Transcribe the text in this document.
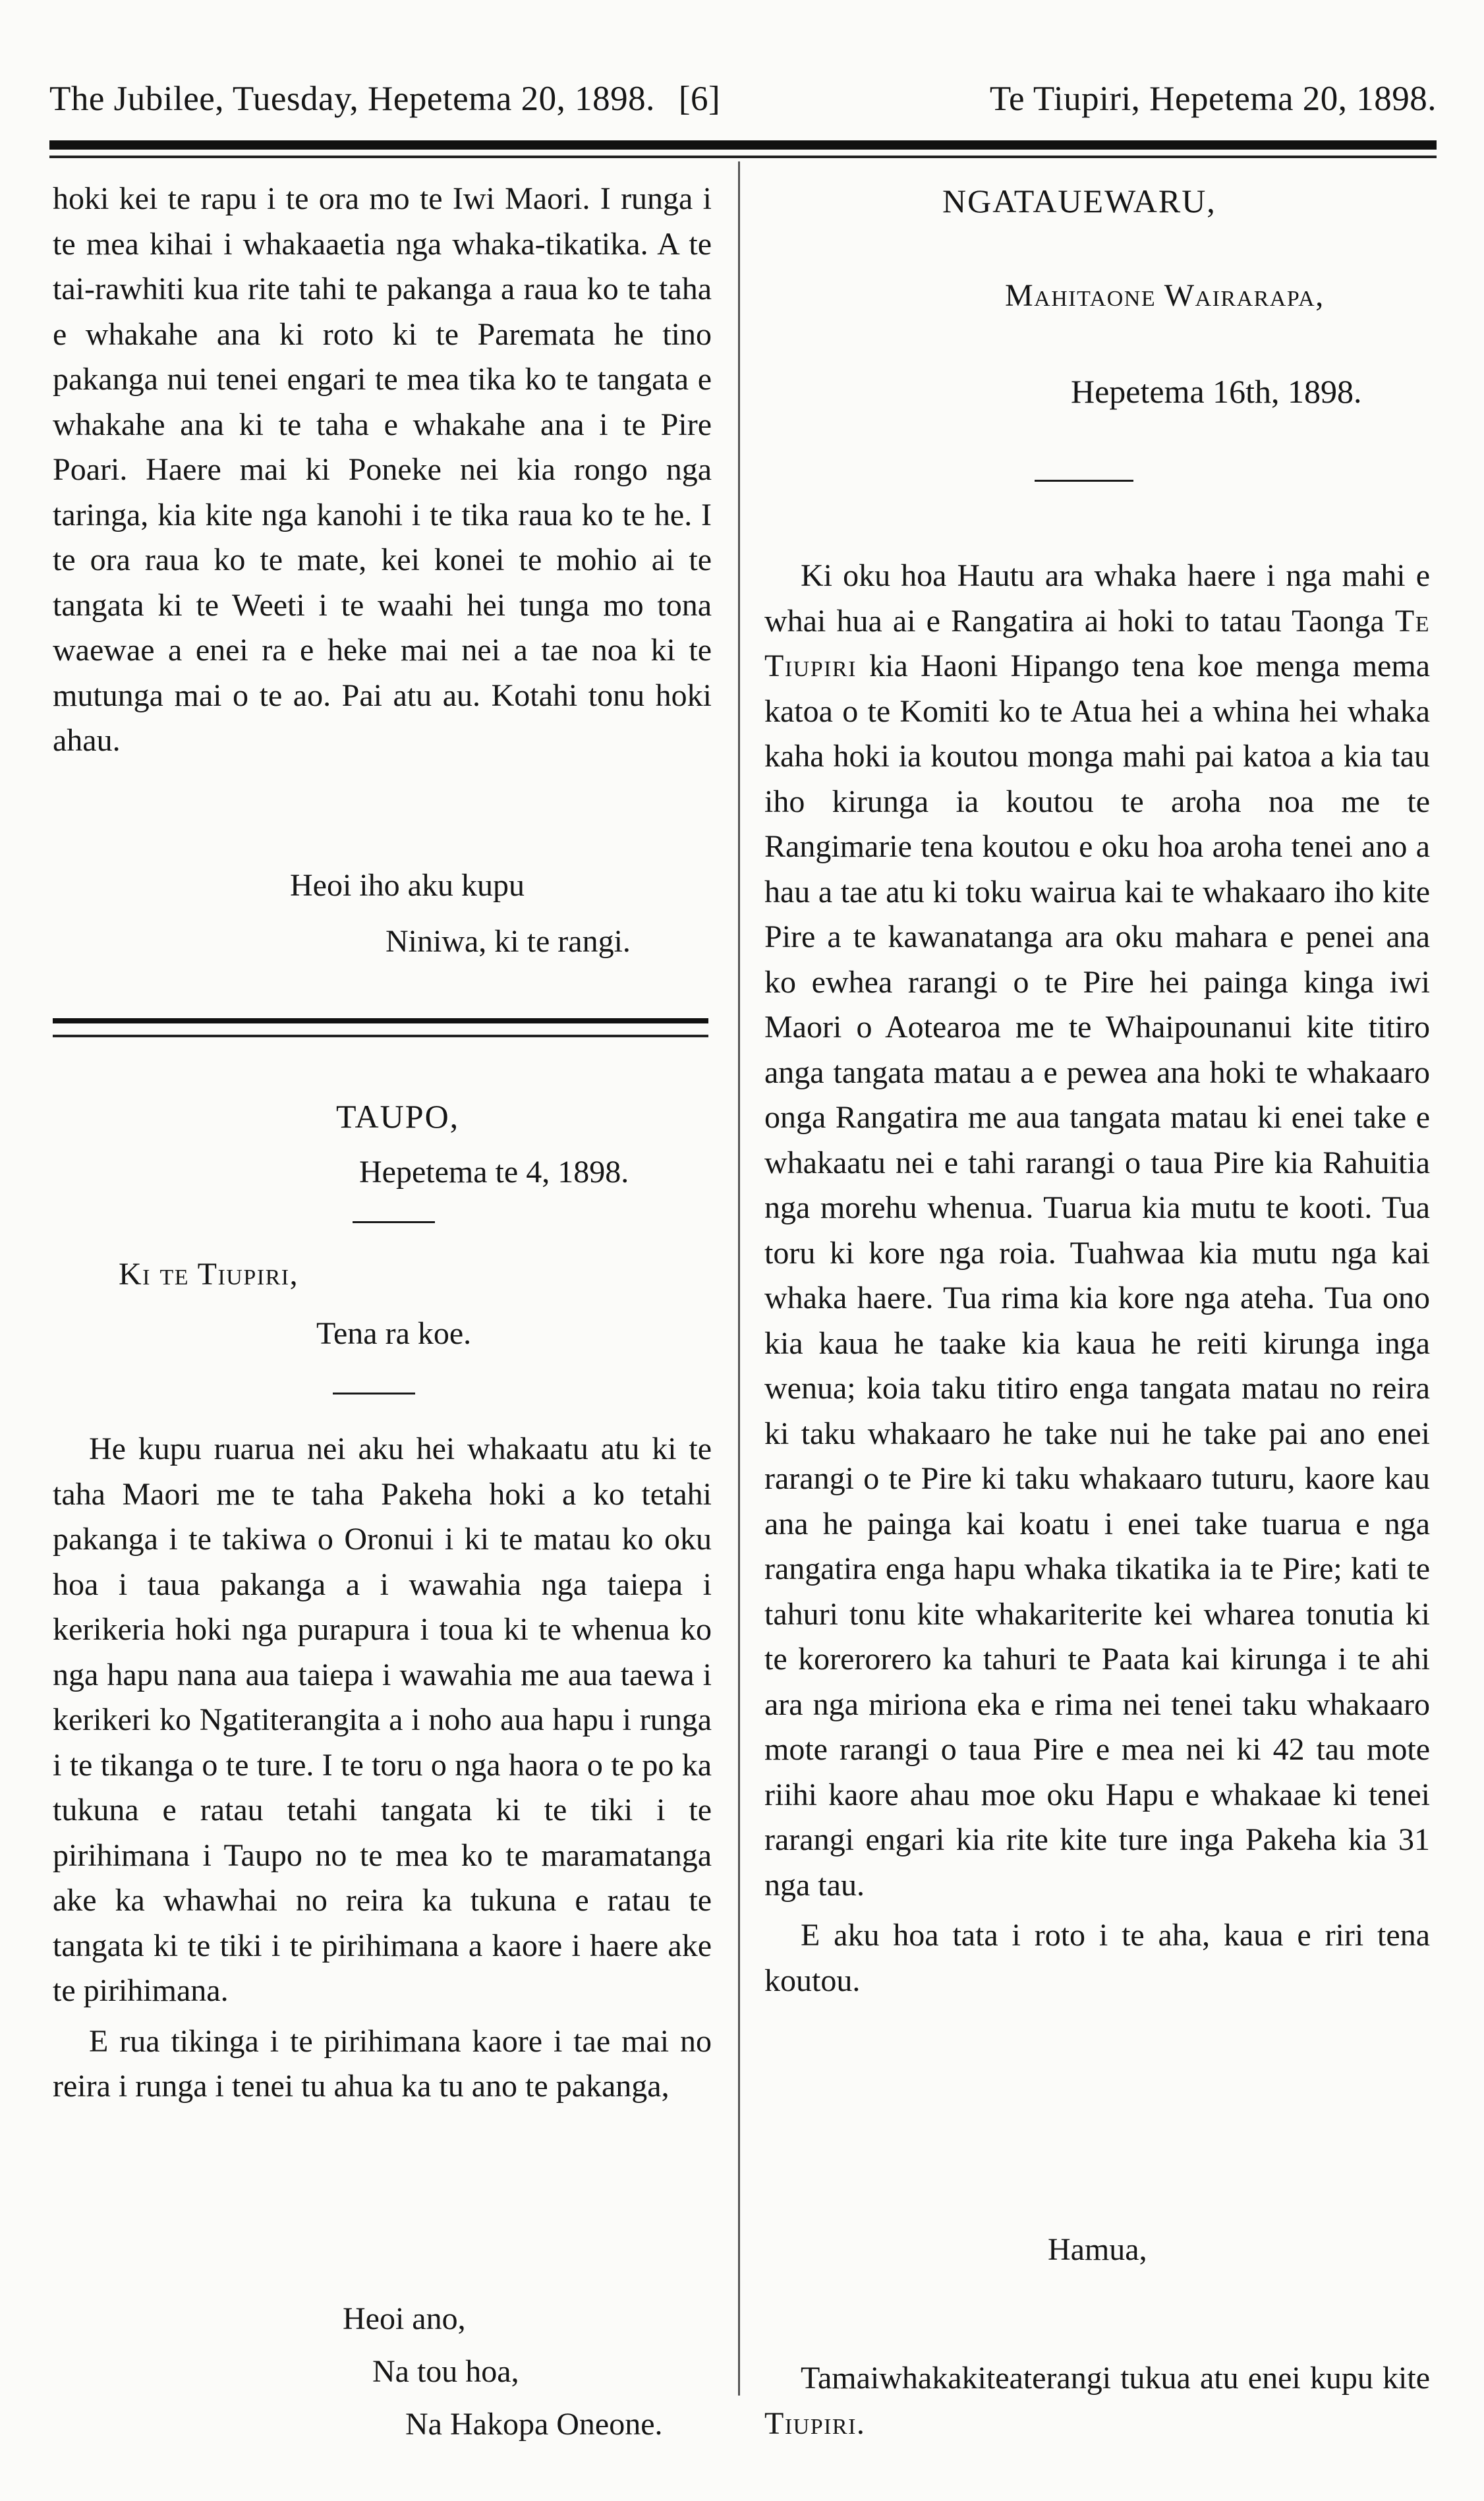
The Jubilee, Tuesday, Hepetema 20, 1898. [6]	Te Tiupiri, Hepetema 20, 1898.

hoki kei te rapu i te ora mo te Iwi Maori. I runga i te mea kihai i whakaaetia nga whaka-tikatika. A te tai-rawhiti kua rite tahi te pakanga a raua ko te taha e whakahe ana ki roto ki te Paremata he tino pakanga nui tenei engari te mea tika ko te tangata e whakahe ana ki te taha e whakahe ana i te Pire Poari. Haere mai ki Poneke nei kia rongo nga taringa, kia kite nga kanohi i te tika raua ko te he. I te ora raua ko te mate, kei konei te mohio ai te tangata ki te Weeti i te waahi hei tunga mo tona waewae a enei ra e heke mai nei a tae noa ki te mutunga mai o te ao. Pai atu au. Kotahi tonu hoki ahau.

Heoi iho aku kupu
Niniwa, ki te rangi.
TAUPO,
Hepetema te 4, 1898.
Ki te Tiupiri,
Tena ra koe.

He kupu ruarua nei aku hei whakaatu atu ki te taha Maori me te taha Pakeha hoki a ko tetahi pakanga i te takiwa o Oronui i ki te matau ko oku hoa i taua pakanga a i wawahia nga taiepa i kerikeria hoki nga purapura i toua ki te whenua ko nga hapu nana aua taiepa i wawahia me aua taewa i kerikeri ko Ngatiterangitа a i noho aua hapu i runga i te tikanga o te ture. I te toru o nga haora o te po ka tukuna e ratau tetahi tangata ki te tiki i te pirihimana i Taupo no te mea ko te maramatanga ake ka whawhai no reira ka tukuna e ratau te tangata ki te tiki i te pirihimana a kaore i haere ake te pirihimana.

E rua tikinga i te pirihimana kaore i tae mai no reira i runga i tenei tu ahua ka tu ano te pakanga,

Heoi ano,
Na tou hoa,
Na Hakopa Oneone.
NGATAUEWARU,
Mahitaone Wairarapa,
Hepetema 16th, 1898.

Ki oku hoa Hautu ara whaka haere i nga mahi e whai hua ai e Rangatira ai hoki to tatau Taonga Te Tiupiri kia Haoni Hipango tena koe menga mema katoa o te Komiti ko te Atua hei a whina hei whaka kaha hoki ia koutou monga mahi pai katoa a kia tau iho kirunga ia koutou te aroha noa me te Rangimarie tena koutou e oku hoa aroha tenei ano a hau a tae atu ki toku wairua kai te whakaaro iho kite Pire a te kawanatanga ara oku mahara e penei ana ko ewhea rarangi o te Pire hei painga kinga iwi Maori o Aotearoa me te Whaipounanui kite titiro anga tangata matau a e pewea ana hoki te whakaaro onga Rangatira me aua tangata matau ki enei take e whakaatu nei e tahi rarangi o taua Pire kia Rahuitia nga morehu whenua. Tuarua kia mutu te kooti. Tua toru ki kore nga roia. Tuahwaa kia mutu nga kai whaka haere. Tua rima kia kore nga ateha. Tua ono kia kaua he taake kia kaua he reiti kirunga inga wenua; koia taku titiro enga tangata matau no reira ki taku whakaaro he take nui he take pai ano enei rarangi o te Pire ki taku whakaaro tuturu, kaore kau ana he painga kai koatu i enei take tuarua e nga rangatira enga hapu whaka tikatika ia te Pire; kati te tahuri tonu kite whakariterite kei wharea tonutia ki te korerorero ka tahuri te Paata kai kirunga i te ahi ara nga miriona eka e rima nei tenei taku whakaaro mote rarangi o taua Pire e mea nei ki 42 tau mote riihi kaore ahau moe oku Hapu e whakaae ki tenei rarangi engari kia rite kite ture inga Pakeha kia 31 nga tau.

E aku hoa tata i roto i te aha, kaua e riri tena koutou.

Hamua,

Tamaiwhakakiteaterangi tukua atu enei kupu kite Tiupiri.
